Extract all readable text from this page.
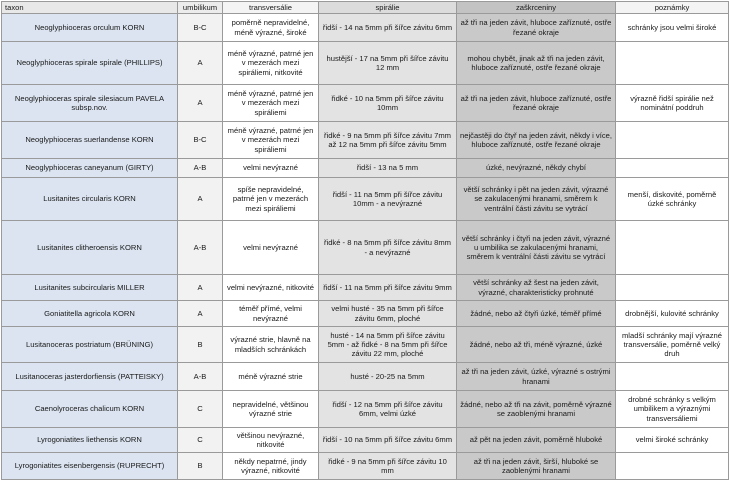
taxon	umbilikum	transversálie	spirálie	zaškrceniny	poznámky
Neoglyphioceras orculum KORN	B-C	poměrně nepravidelné, méně výrazné, široké	řidší - 14 na 5mm při šířce závitu 6mm	až tři na jeden závit, hluboce zaříznuté, ostře řezané okraje	schránky jsou velmi široké
Neoglyphioceras spirale spirale (PHILLIPS)	A	méně výrazné, patrné jen v mezerách mezi spiráliemi, nitkovité	hustější - 17 na 5mm při šířce závitu 12 mm	mohou chybět, jinak až tři na jeden závit, hluboce zaříznuté, ostře řezané okraje	
Neoglyphioceras spirale silesiacum PAVELA subsp.nov.	A	méně výrazné, patrné jen v mezerách mezi spiráliemi	řidké - 10 na 5mm při šířce závitu 10mm	až tři na jeden závit, hluboce zaříznuté, ostře řezané okraje	výrazně řidší spirálie než nominátní poddruh
Neoglyphioceras suerlandense KORN	B-C	méně výrazné, patrné jen v mezerách mezi spiráliemi	řidké - 9 na 5mm při šířce závitu 7mm až 12 na 5mm při šířce závitu 5mm	nejčastěji do čtyř na jeden závit, někdy i více, hluboce zaříznuté, ostře řezané okraje	
Neoglyphioceras caneyanum (GIRTY)	A-B	velmi nevýrazné	řidší - 13 na 5 mm	úzké, nevýrazné, někdy chybí	
Lusitanites circularis KORN	A	spíše nepravidelné, patrné jen v mezerách mezi spiráliemi	řidší - 11 na 5mm při šířce závitu 10mm - a nevýrazné	větší schránky i pět na jeden závit, výrazné se zakulacenými hranami, směrem k ventrální části závitu se vytrácí	menší, diskovité, poměrně úzké schránky
Lusitanites clitheroensis KORN	A-B	velmi nevýrazné	řidké - 8 na 5mm při šířce závitu 8mm - a nevýrazné	větší schránky i čtyři na jeden závit, výrazné u umbilika se zakulacenými hranami, směrem k ventrální části závitu se vytrácí	
Lusitanites subcircularis MILLER	A	velmi nevýrazné, nitkovité	řidší - 11 na 5mm při šířce závitu 9mm	větší schránky až šest na jeden závit, výrazné, charakteristicky prohnuté	
Goniatitella agricola KORN	A	téměř přímé, velmi nevýrazné	velmi husté - 35 na 5mm při šířce závitu 6mm, ploché	žádné, nebo až čtyři úzké, téměř přímé	drobnější, kulovité schránky
Lusitanoceras postriatum (BRÜNING)	B	výrazné strie, hlavně na mladších schránkách	husté - 14 na 5mm při šířce závitu 5mm - až řidké - 8 na 5mm při šířce závitu 22 mm, ploché	žádné, nebo až tři, méně výrazné, úzké	mladší schránky mají výrazné transversálie, poměrně velký druh
Lusitanoceras jasterdorfiensis (PATTEISKY)	A-B	méně výrazné strie	husté - 20-25 na 5mm	až tři na jeden závit, úzké, výrazné s ostrými hranami	
Caenolyroceras chalicum KORN	C	nepravidelné, většinou výrazné strie	řidší - 12 na 5mm při šířce závitu 6mm, velmi úzké	žádné, nebo až tři na závit, poměrně výrazné se zaoblenými hranami	drobné schránky s velkým umbilikem a výraznými transversáliemi
Lyrogoniatites liethensis KORN	C	většinou nevýrazné, nitkovité	řidší - 10 na 5mm při šířce závitu 6mm	až pět na jeden závit, poměrně hluboké	velmi široké schránky
Lyrogoniatites eisenbergensis (RUPRECHT)	B	někdy nepatrné, jindy výrazné, nitkovité	řidké - 9 na 5mm při šířce závitu 10 mm	až tři na jeden závit, širší, hluboké se zaoblenými hranami	
